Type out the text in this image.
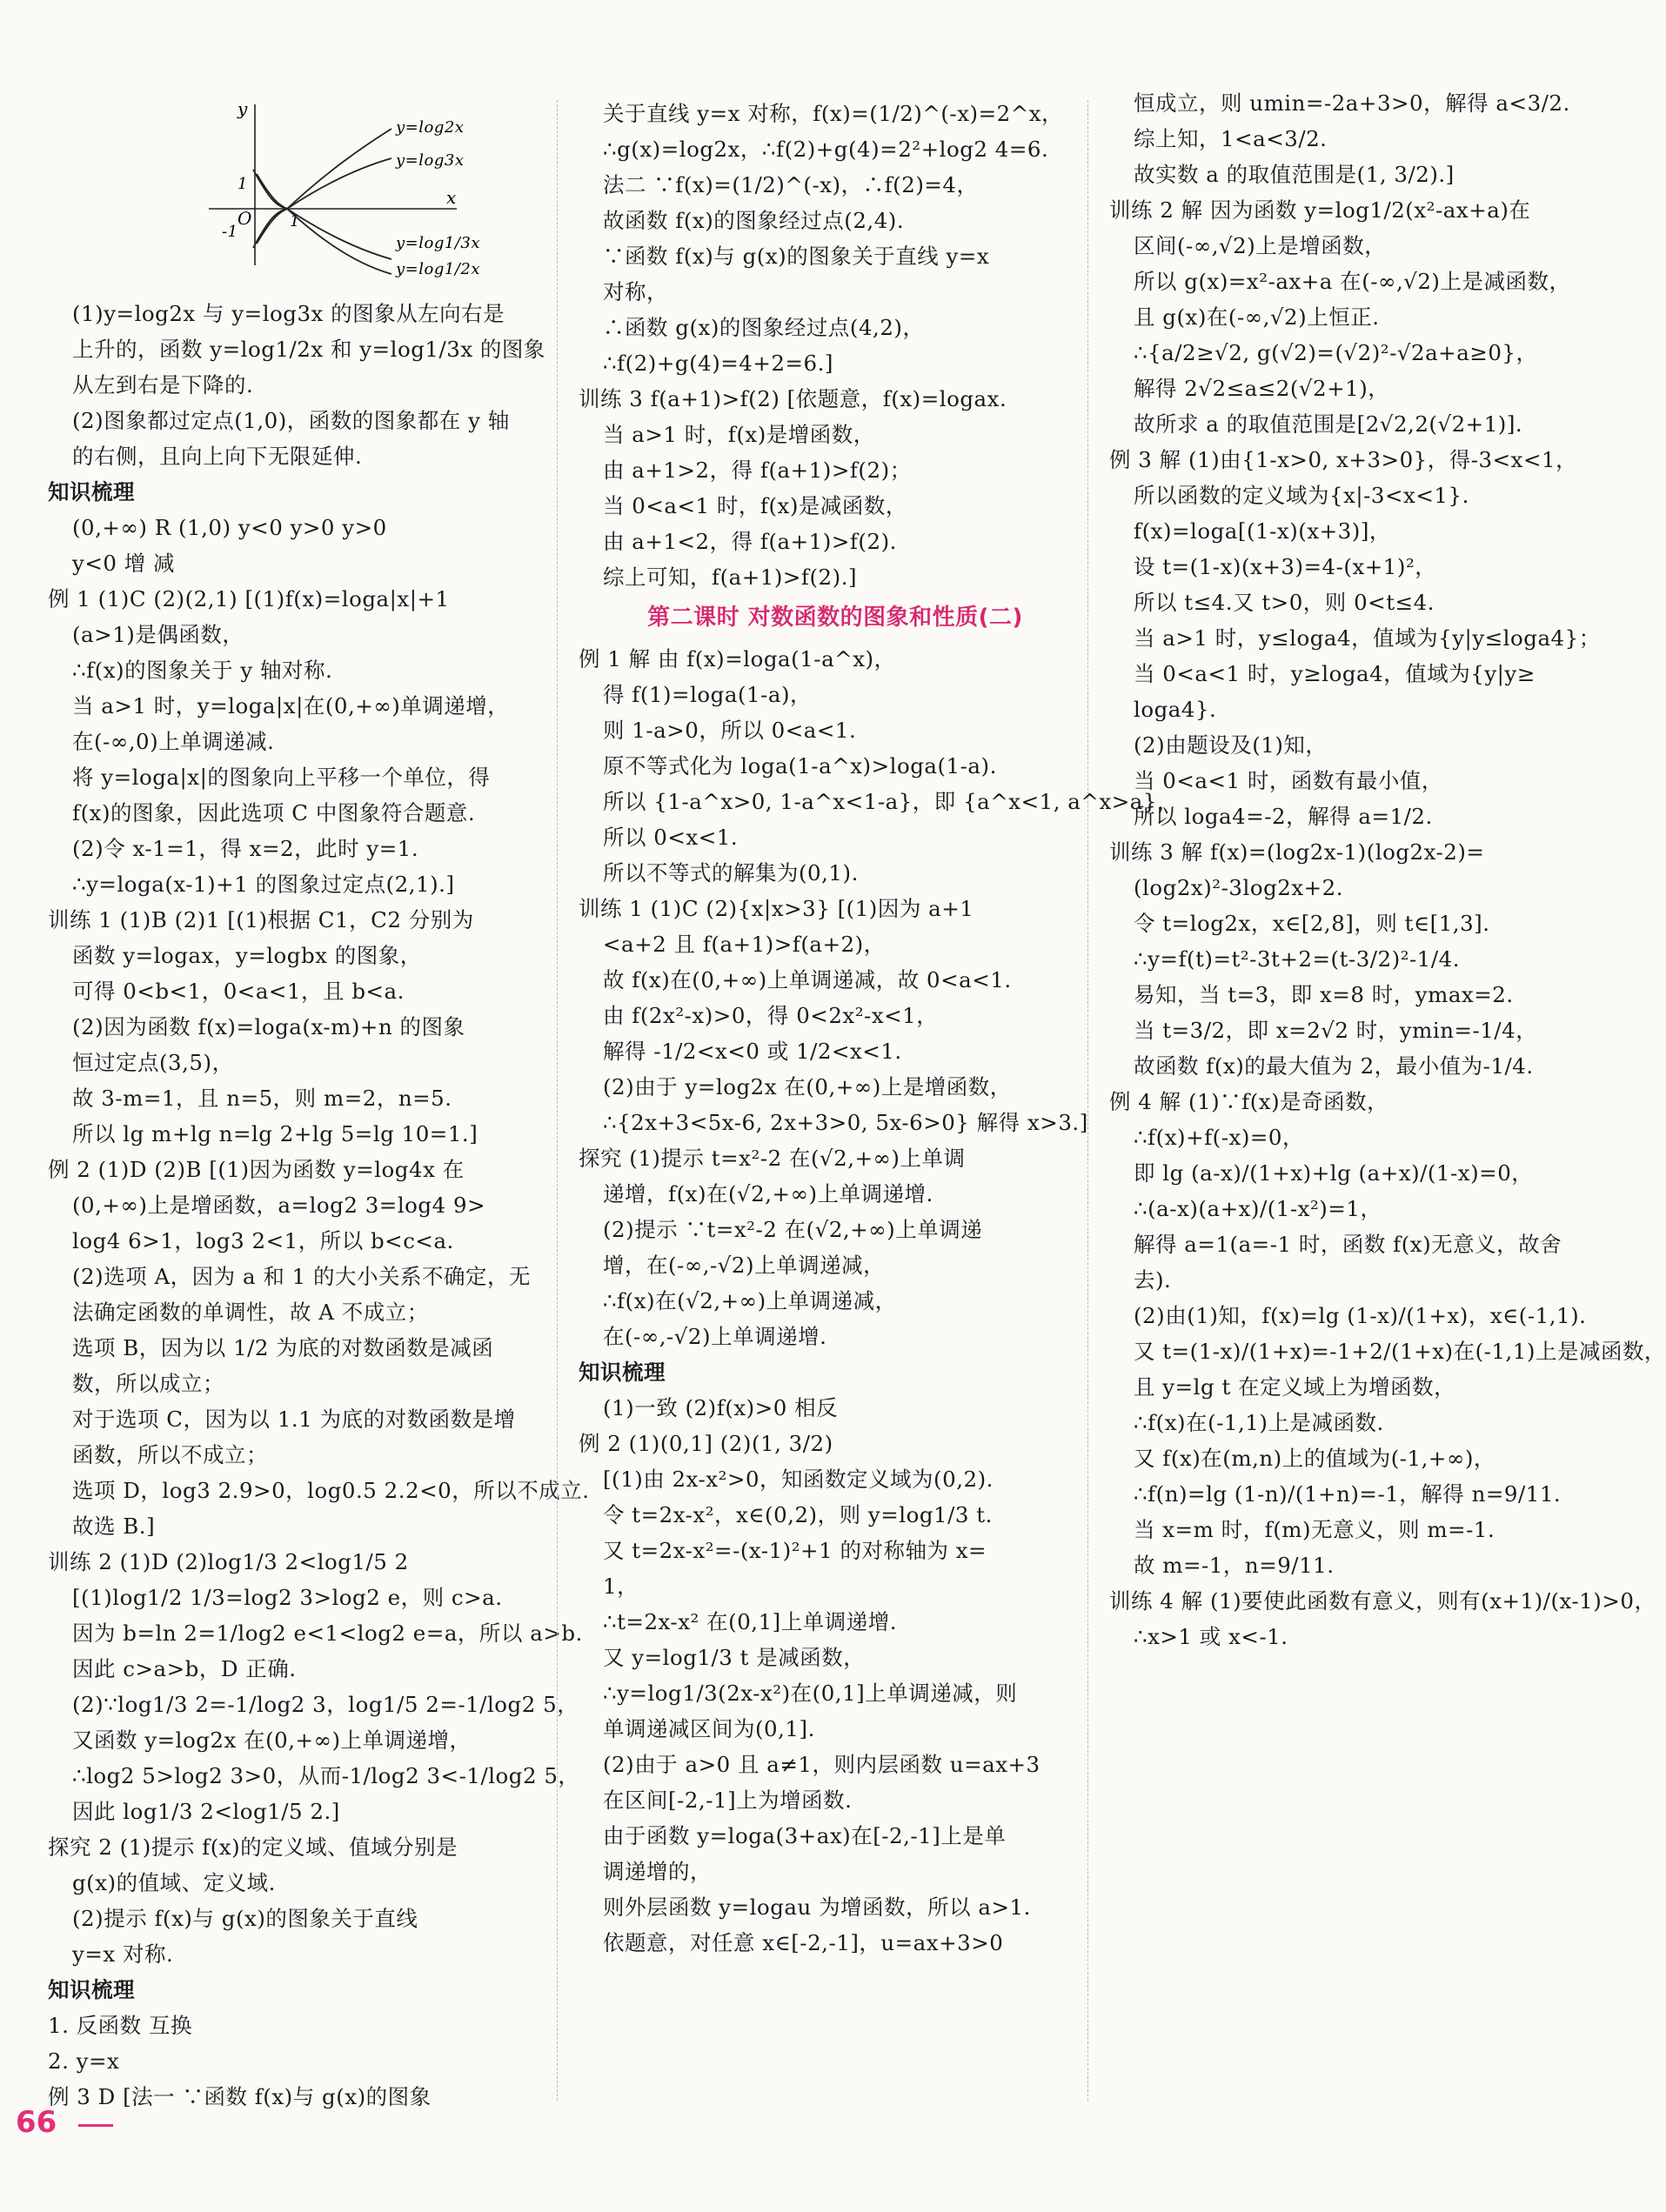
y
x
O
1
-1
1
y=log2x
y=log3x
y=log1/3x
y=log1/2x
(1)y=log2x 与 y=log3x 的图象从左向右是
上升的，函数 y=log1/2x 和 y=log1/3x 的图象
从左到右是下降的.
(2)图象都过定点(1,0)，函数的图象都在 y 轴
的右侧，且向上向下无限延伸.
知识梳理
(0,+∞) R (1,0) y<0 y>0 y>0
y<0 增 减
例 1 (1)C (2)(2,1) [(1)f(x)=loga|x|+1
(a>1)是偶函数，
∴f(x)的图象关于 y 轴对称.
当 a>1 时，y=loga|x|在(0,+∞)单调递增，
在(-∞,0)上单调递减.
将 y=loga|x|的图象向上平移一个单位，得
f(x)的图象，因此选项 C 中图象符合题意.
(2)令 x-1=1，得 x=2，此时 y=1.
∴y=loga(x-1)+1 的图象过定点(2,1).]
训练 1 (1)B (2)1 [(1)根据 C1，C2 分别为
函数 y=logax，y=logbx 的图象，
可得 0<b<1，0<a<1，且 b<a.
(2)因为函数 f(x)=loga(x-m)+n 的图象
恒过定点(3,5)，
故 3-m=1，且 n=5，则 m=2，n=5.
所以 lg m+lg n=lg 2+lg 5=lg 10=1.]
例 2 (1)D (2)B [(1)因为函数 y=log4x 在
(0,+∞)上是增函数，a=log2 3=log4 9>
log4 6>1，log3 2<1，所以 b<c<a.
(2)选项 A，因为 a 和 1 的大小关系不确定，无
法确定函数的单调性，故 A 不成立；
选项 B，因为以 1/2 为底的对数函数是减函
数，所以成立；
对于选项 C，因为以 1.1 为底的对数函数是增
函数，所以不成立；
选项 D，log3 2.9>0，log0.5 2.2<0，所以不成立.
故选 B.]
训练 2 (1)D (2)log1/3 2<log1/5 2
[(1)log1/2 1/3=log2 3>log2 e，则 c>a.
因为 b=ln 2=1/log2 e<1<log2 e=a，所以 a>b.
因此 c>a>b，D 正确.
(2)∵log1/3 2=-1/log2 3，log1/5 2=-1/log2 5，
又函数 y=log2x 在(0,+∞)上单调递增，
∴log2 5>log2 3>0，从而-1/log2 3<-1/log2 5，
因此 log1/3 2<log1/5 2.]
探究 2 (1)提示 f(x)的定义域、值域分别是
g(x)的值域、定义域.
(2)提示 f(x)与 g(x)的图象关于直线
y=x 对称.
知识梳理
1. 反函数 互换
2. y=x
例 3 D [法一 ∵函数 f(x)与 g(x)的图象
关于直线 y=x 对称，f(x)=(1/2)^(-x)=2^x，
∴g(x)=log2x，∴f(2)+g(4)=2²+log2 4=6.
法二 ∵f(x)=(1/2)^(-x)，∴f(2)=4，
故函数 f(x)的图象经过点(2,4).
∵函数 f(x)与 g(x)的图象关于直线 y=x
对称，
∴函数 g(x)的图象经过点(4,2)，
∴f(2)+g(4)=4+2=6.]
训练 3 f(a+1)>f(2) [依题意，f(x)=logax.
当 a>1 时，f(x)是增函数，
由 a+1>2，得 f(a+1)>f(2)；
当 0<a<1 时，f(x)是减函数，
由 a+1<2，得 f(a+1)>f(2).
综上可知，f(a+1)>f(2).]
第二课时 对数函数的图象和性质(二)
例 1 解 由 f(x)=loga(1-a^x)，
得 f(1)=loga(1-a)，
则 1-a>0，所以 0<a<1.
原不等式化为 loga(1-a^x)>loga(1-a).
所以 {1-a^x>0, 1-a^x<1-a}，即 {a^x<1, a^x>a}，
所以 0<x<1.
所以不等式的解集为(0,1).
训练 1 (1)C (2){x|x>3} [(1)因为 a+1
<a+2 且 f(a+1)>f(a+2)，
故 f(x)在(0,+∞)上单调递减，故 0<a<1.
由 f(2x²-x)>0，得 0<2x²-x<1，
解得 -1/2<x<0 或 1/2<x<1.
(2)由于 y=log2x 在(0,+∞)上是增函数，
∴{2x+3<5x-6, 2x+3>0, 5x-6>0} 解得 x>3.]
探究 (1)提示 t=x²-2 在(√2,+∞)上单调
递增，f(x)在(√2,+∞)上单调递增.
(2)提示 ∵t=x²-2 在(√2,+∞)上单调递
增，在(-∞,-√2)上单调递减，
∴f(x)在(√2,+∞)上单调递减，
在(-∞,-√2)上单调递增.
知识梳理
(1)一致 (2)f(x)>0 相反
例 2 (1)(0,1] (2)(1, 3/2)
[(1)由 2x-x²>0，知函数定义域为(0,2).
令 t=2x-x²，x∈(0,2)，则 y=log1/3 t.
又 t=2x-x²=-(x-1)²+1 的对称轴为 x=
1，
∴t=2x-x² 在(0,1]上单调递增.
又 y=log1/3 t 是减函数，
∴y=log1/3(2x-x²)在(0,1]上单调递减，则
单调递减区间为(0,1].
(2)由于 a>0 且 a≠1，则内层函数 u=ax+3
在区间[-2,-1]上为增函数.
由于函数 y=loga(3+ax)在[-2,-1]上是单
调递增的，
则外层函数 y=logau 为增函数，所以 a>1.
依题意，对任意 x∈[-2,-1]，u=ax+3>0
恒成立，则 umin=-2a+3>0，解得 a<3/2.
综上知，1<a<3/2.
故实数 a 的取值范围是(1, 3/2).]
训练 2 解 因为函数 y=log1/2(x²-ax+a)在
区间(-∞,√2)上是增函数，
所以 g(x)=x²-ax+a 在(-∞,√2)上是减函数，
且 g(x)在(-∞,√2)上恒正.
∴{a/2≥√2, g(√2)=(√2)²-√2a+a≥0}，
解得 2√2≤a≤2(√2+1)，
故所求 a 的取值范围是[2√2,2(√2+1)].
例 3 解 (1)由{1-x>0, x+3>0}，得-3<x<1，
所以函数的定义域为{x|-3<x<1}.
f(x)=loga[(1-x)(x+3)]，
设 t=(1-x)(x+3)=4-(x+1)²，
所以 t≤4.又 t>0，则 0<t≤4.
当 a>1 时，y≤loga4，值域为{y|y≤loga4}；
当 0<a<1 时，y≥loga4，值域为{y|y≥
loga4}.
(2)由题设及(1)知，
当 0<a<1 时，函数有最小值，
所以 loga4=-2，解得 a=1/2.
训练 3 解 f(x)=(log2x-1)(log2x-2)=
(log2x)²-3log2x+2.
令 t=log2x，x∈[2,8]，则 t∈[1,3].
∴y=f(t)=t²-3t+2=(t-3/2)²-1/4.
易知，当 t=3，即 x=8 时，ymax=2.
当 t=3/2，即 x=2√2 时，ymin=-1/4，
故函数 f(x)的最大值为 2，最小值为-1/4.
例 4 解 (1)∵f(x)是奇函数，
∴f(x)+f(-x)=0，
即 lg (a-x)/(1+x)+lg (a+x)/(1-x)=0，
∴(a-x)(a+x)/(1-x²)=1，
解得 a=1(a=-1 时，函数 f(x)无意义，故舍
去).
(2)由(1)知，f(x)=lg (1-x)/(1+x)，x∈(-1,1).
又 t=(1-x)/(1+x)=-1+2/(1+x)在(-1,1)上是减函数，
且 y=lg t 在定义域上为增函数，
∴f(x)在(-1,1)上是减函数.
又 f(x)在(m,n)上的值域为(-1,+∞)，
∴f(n)=lg (1-n)/(1+n)=-1，解得 n=9/11.
当 x=m 时，f(m)无意义，则 m=-1.
故 m=-1，n=9/11.
训练 4 解 (1)要使此函数有意义，则有(x+1)/(x-1)>0，
∴x>1 或 x<-1.
66
